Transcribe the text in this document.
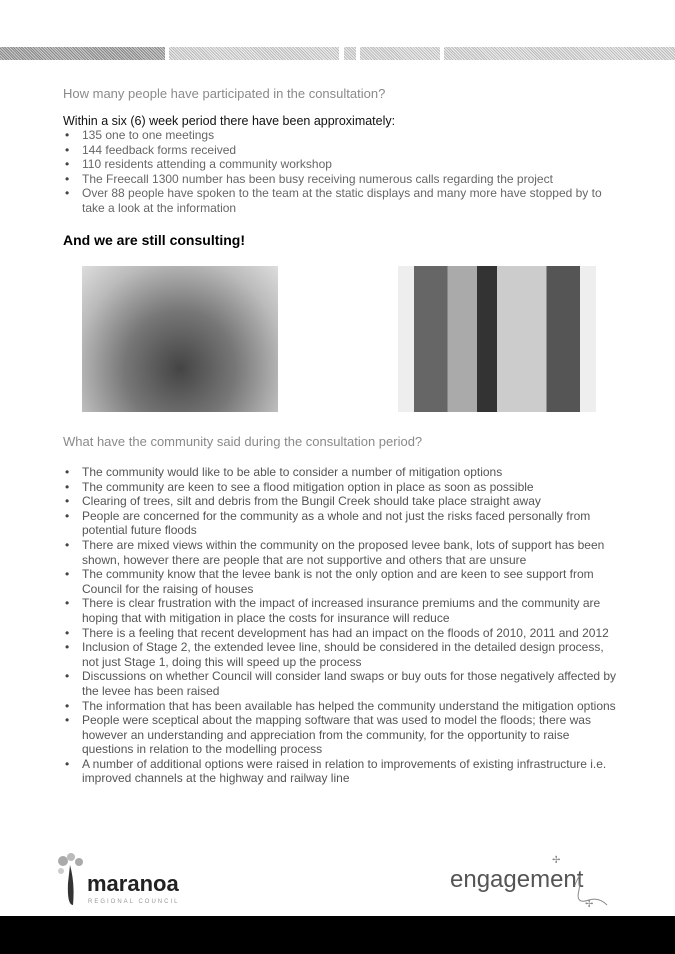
How many people have participated in the consultation?
Within a six (6) week period there have been approximately:
• 135 one to one meetings
• 144 feedback forms received
• 110 residents attending a community workshop
• The Freecall 1300 number has been busy receiving numerous calls regarding the project
• Over 88 people have spoken to the team at the static displays and many more have stopped by to take a look at the information
And we are still consulting!
What have the community said during the consultation period?
• The community would like to be able to consider a number of mitigation options
• The community are keen to see a flood mitigation option in place as soon as possible
• Clearing of trees, silt and debris from the Bungil Creek should take place straight away
• People are concerned for the community as a whole and not just the risks faced personally from potential future floods
• There are mixed views within the community on the proposed levee bank, lots of support has been shown, however there are people that are not supportive and others that are unsure
• The community know that the levee bank is not the only option and are keen to see support from Council for the raising of houses
• There is clear frustration with the impact of increased insurance premiums and the community are hoping that with mitigation in place the costs for insurance will reduce
• There is a feeling that recent development has had an impact on the floods of 2010, 2011 and 2012
• Inclusion of Stage 2, the extended levee line, should be considered in the detailed design process, not just Stage 1, doing this will speed up the process
• Discussions on whether Council will consider land swaps or buy outs for those negatively affected by the levee has been raised
• The information that has been available has helped the community understand the mitigation options
• People were sceptical about the mapping software that was used to model the floods; there was however an understanding and appreciation from the community, for the opportunity to raise questions in relation to the modelling process
• A number of additional options were raised in relation to improvements of existing infrastructure i.e. improved channels at the highway and railway line
maranoa
REGIONAL COUNCIL
engagement
✢
✢
